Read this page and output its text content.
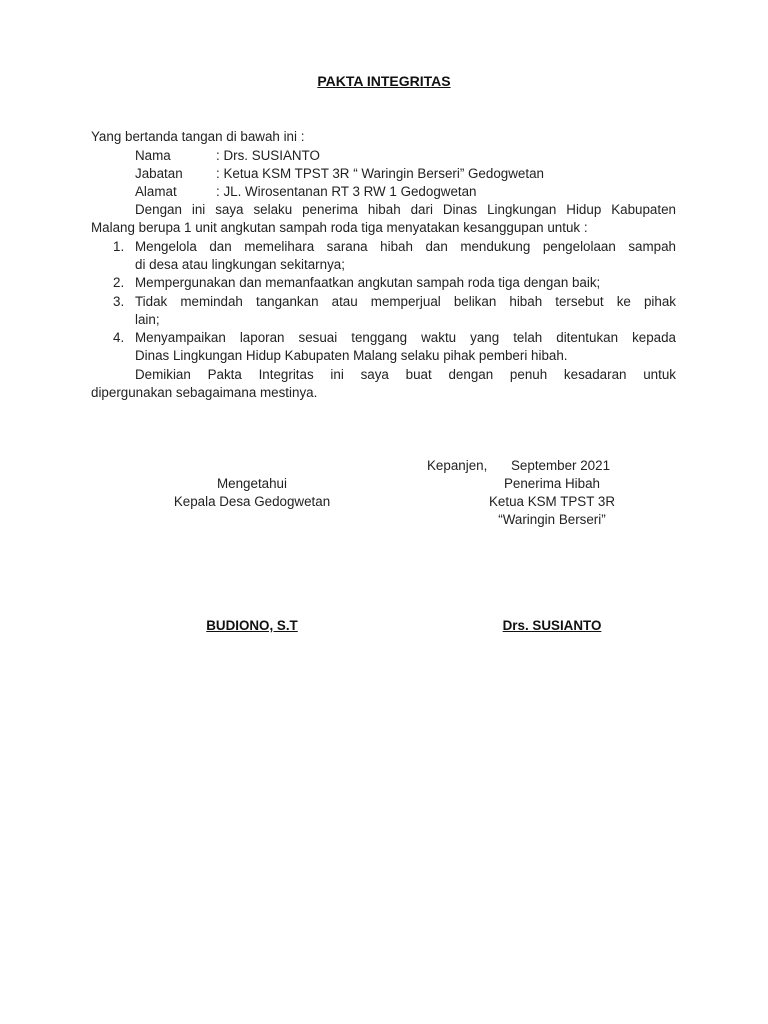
PAKTA INTEGRITAS
Yang bertanda tangan di bawah ini :
Nama	: Drs. SUSIANTO
Jabatan : Ketua KSM TPST 3R “ Waringin Berseri” Gedogwetan
Alamat	: JL. Wirosentanan RT 3 RW 1 Gedogwetan
Dengan ini saya selaku penerima hibah dari Dinas Lingkungan Hidup Kabupaten
Malang berupa 1 unit angkutan sampah roda tiga menyatakan kesanggupan untuk :
1. Mengelola dan memelihara sarana hibah dan mendukung pengelolaan sampah
di desa atau lingkungan sekitarnya;
2. Mempergunakan dan memanfaatkan angkutan sampah roda tiga dengan baik;
3. Tidak memindah tangankan atau memperjual belikan hibah tersebut ke pihak
lain;
4. Menyampaikan laporan sesuai tenggang waktu yang telah ditentukan kepada
Dinas Lingkungan Hidup Kabupaten Malang selaku pihak pemberi hibah.
Demikian Pakta Integritas ini saya buat dengan penuh kesadaran untuk
dipergunakan sebagaimana mestinya.
Kepanjen, September 2021
Mengetahui
Kepala Desa Gedogwetan
Penerima Hibah
Ketua KSM TPST 3R
“Waringin Berseri”
BUDIONO, S.T	Drs. SUSIANTO
